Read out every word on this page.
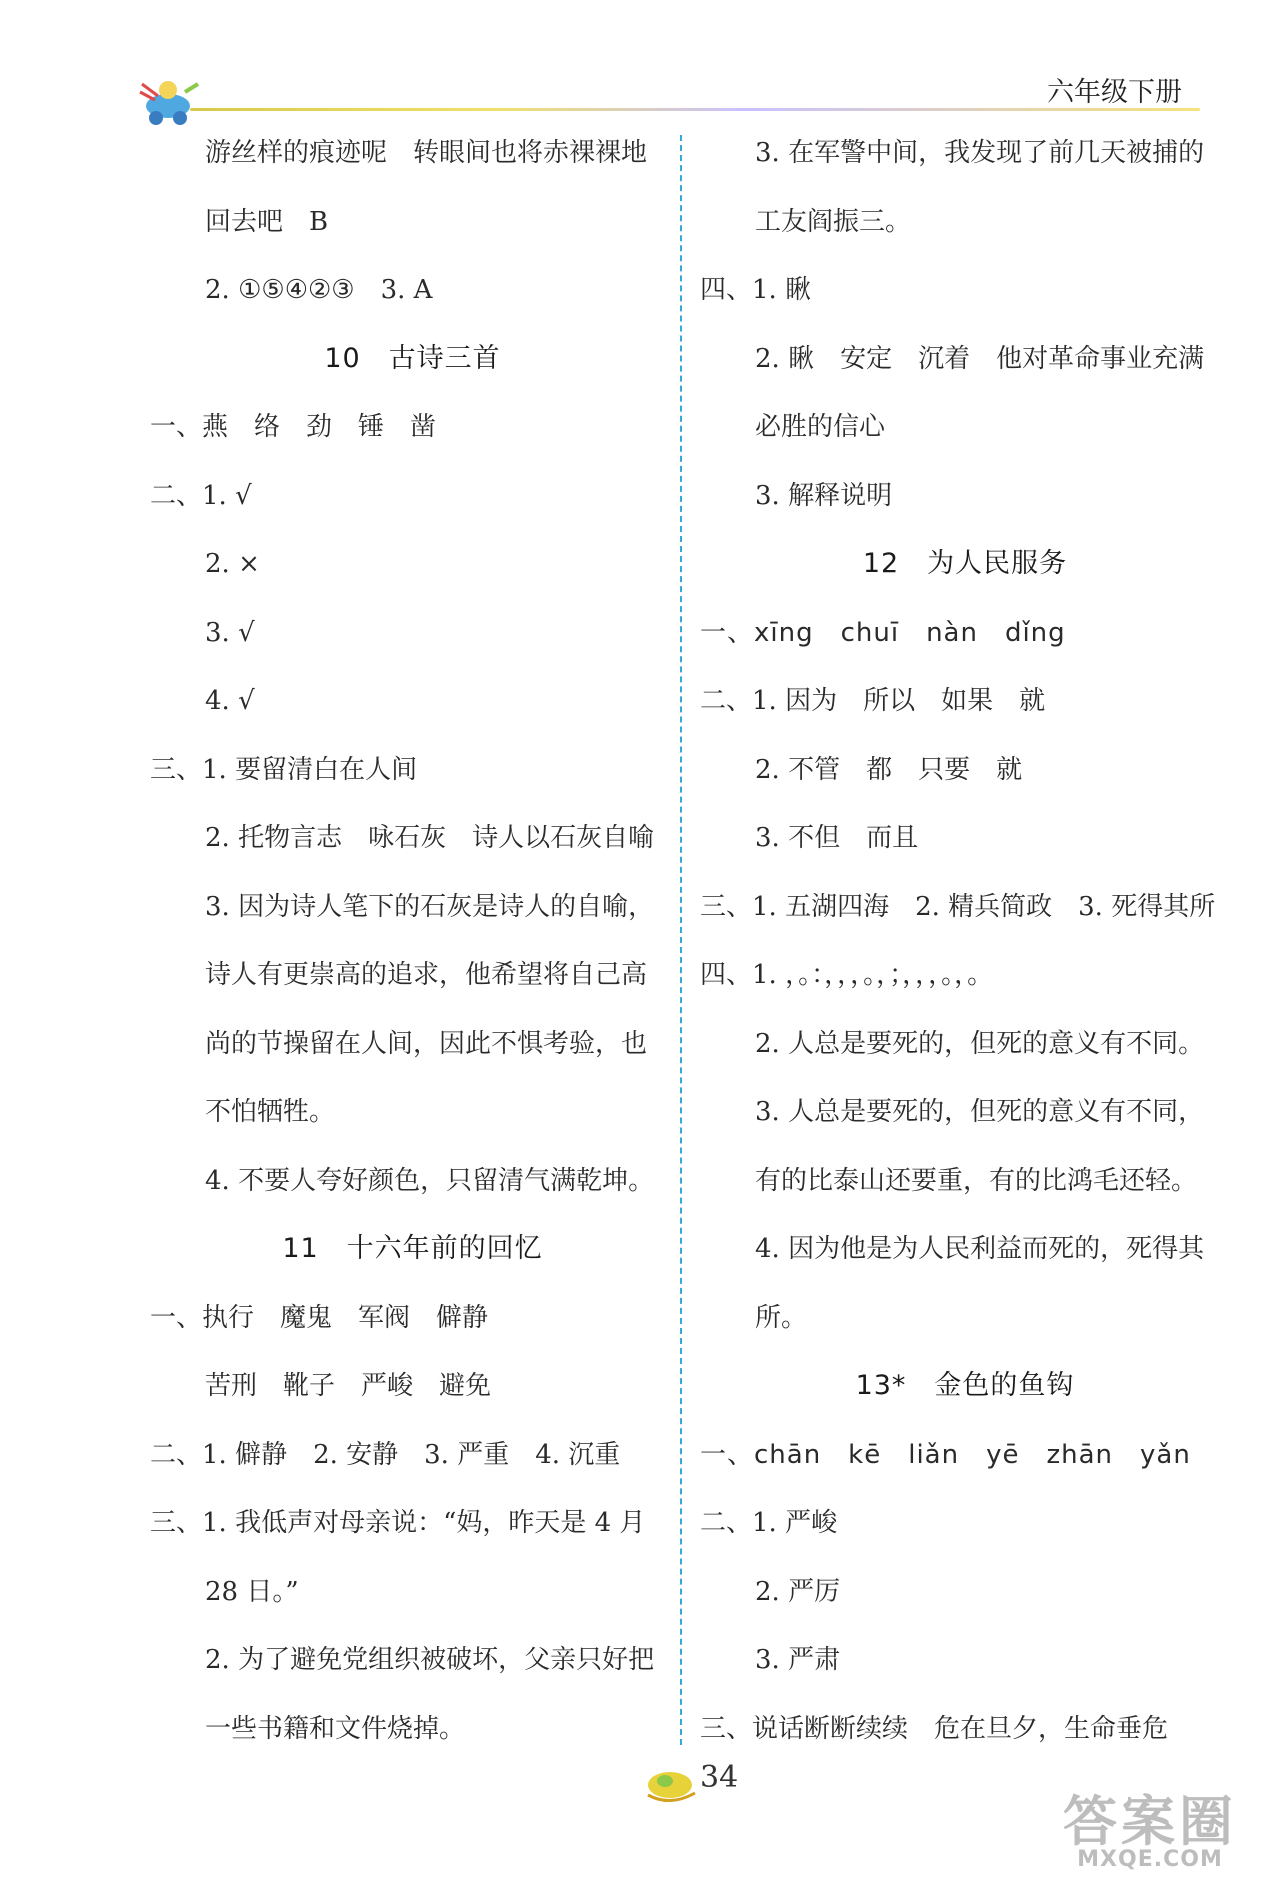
六年级下册
游丝样的痕迹呢　转眼间也将赤裸裸地
回去吧　B
2. ①⑤④②③　3. A
10　古诗三首
一、燕　络　劲　锤　凿
二、1. √
2. ×
3. √
4. √
三、1. 要留清白在人间
2. 托物言志　咏石灰　诗人以石灰自喻
3. 因为诗人笔下的石灰是诗人的自喻，
诗人有更崇高的追求，他希望将自己高
尚的节操留在人间，因此不惧考验，也
不怕牺牲。
4. 不要人夸好颜色，只留清气满乾坤。
11　十六年前的回忆
一、执行　魔鬼　军阀　僻静
苦刑　靴子　严峻　避免
二、1. 僻静　2. 安静　3. 严重　4. 沉重
三、1. 我低声对母亲说：“妈，昨天是 4 月
28 日。”
2. 为了避免党组织被破坏，父亲只好把
一些书籍和文件烧掉。
3. 在军警中间，我发现了前几天被捕的
工友阎振三。
四、1. 瞅
2. 瞅　安定　沉着　他对革命事业充满
必胜的信心
3. 解释说明
12　为人民服务
一、xīng　chuī　nàn　dǐng
二、1. 因为　所以　如果　就
2. 不管　都　只要　就
3. 不但　而且
三、1. 五湖四海　2. 精兵简政　3. 死得其所
四、1. ，。：，，，。，；，，，。，。
2. 人总是要死的，但死的意义有不同。
3. 人总是要死的，但死的意义有不同，
有的比泰山还要重，有的比鸿毛还轻。
4. 因为他是为人民利益而死的，死得其
所。
13*　金色的鱼钩
一、chān　kē　liǎn　yē　zhān　yǎn
二、1. 严峻
2. 严厉
3. 严肃
三、说话断断续续　危在旦夕，生命垂危
34
答案圈
MXQE.COM
